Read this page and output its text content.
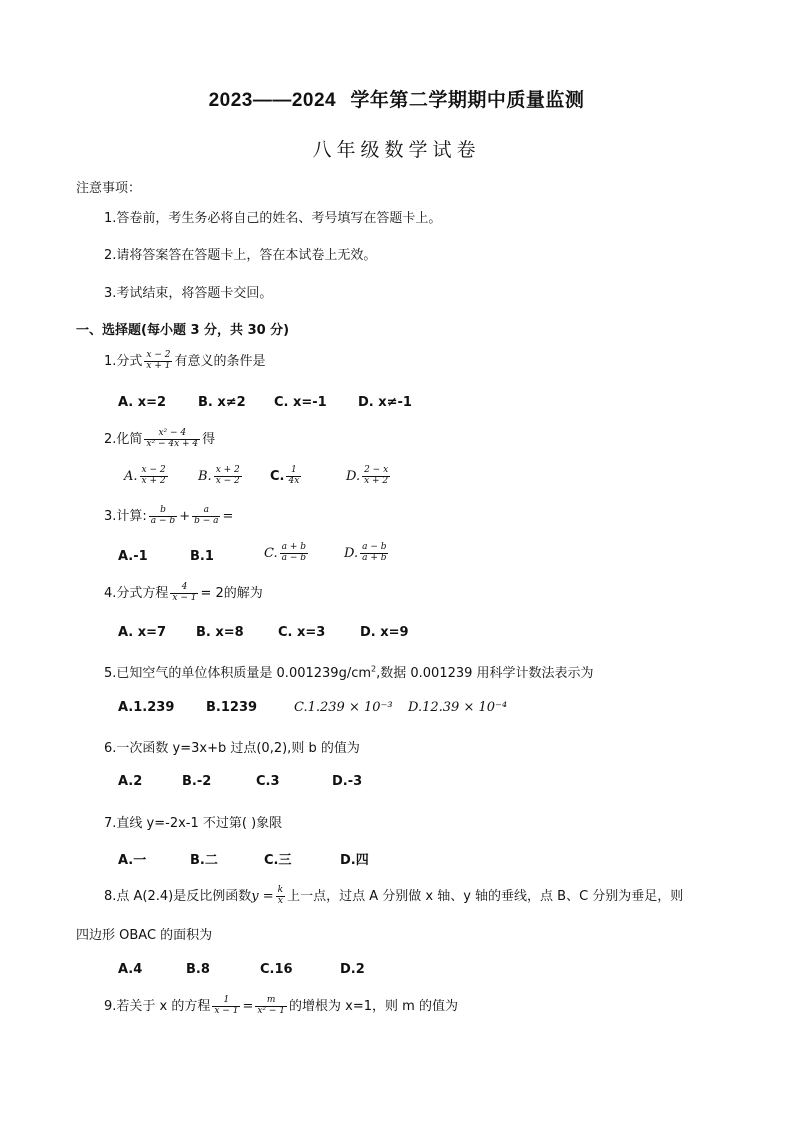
2023——2024 学年第二学期期中质量监测
八年级数学试卷
注意事项：
1.答卷前，考生务必将自己的姓名、考号填写在答题卡上。
2.请将答案答在答题卡上，答在本试卷上无效。
3.考试结束，将答题卡交回。
一、选择题(每小题 3 分，共 30 分)
1.分式 $\frac{x - 2}{x + 1}$ 有意义的条件是
A. x=2 B. x≠2 C. x=-1 D. x≠-1
2.化简 $\frac{\text{x² − 4}}{\text{x² − 4x + 4}}$ 得
A. $\frac{x - 2}{x + 2} B$. $\frac{x + 2}{x - 2} C$. $\frac{1}{4x}$	D. $\frac{2 - x}{x + 2}$
3.计算: $\frac{b}{a - b} + \frac{a}{b - a}$ =
A.-1	B.1	C. $\frac{a + b}{a - b}$	D. $\frac{a - b}{a + b}$
4.分式方程 $\frac{4}{x - 1} = 2$的解为
A. x=7 B. x=8	C. x=3	D. x=9
5.已知空气的单位体积质量是 $0.001239g/cm^2$,数据 0.001239 用科学计数法表示为
A.1.239 B.1239	C.1.239 × 10⁻³ D.12.39 × 10⁻⁴
6.一次函数 y=3x+b 过点(0,2),则 b 的值为
A.2	B.-2	C.3	D.-3
7.直线 y=-2x-1 不过第( )象限
A.一	B.二	C.三	D.四
8.点 A(2.4)是反比例函数$y = \frac{k}{x}$ 上一点，过点 A 分别做 x 轴、y 轴的垂线，点 B、C 分别为垂足，则
四边形 OBAC 的面积为
A.4	B.8	C.16	D.2
9.若关于 x 的方程 $\frac{1}{x - 1} = \frac{m}{\text{x² − 1}}$ 的增根为 x=1，则 m 的值为
